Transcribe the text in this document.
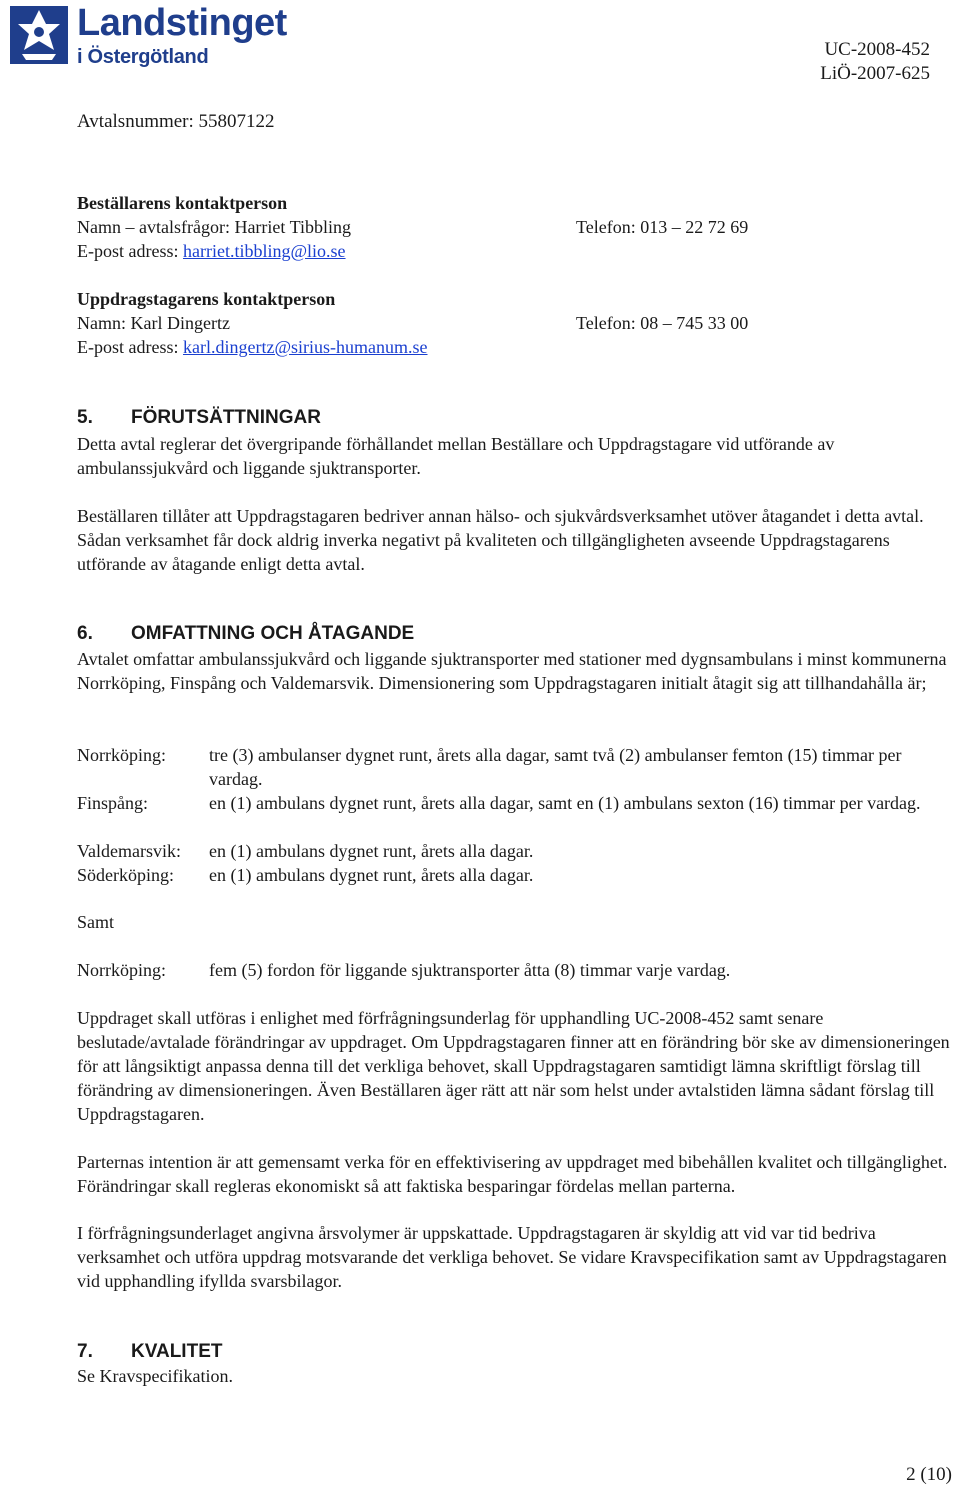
Landstinget
i Östergötland	UC-2008-452
LiÖ-2007-625
Avtalsnummer: 55807122
Beställarens kontaktperson
Namn – avtalsfrågor: Harriet Tibbling	Telefon: 013 – 22 72 69
E-post adress: harriet.tibbling@lio.se
Uppdragstagarens kontaktperson
Namn: Karl Dingertz	Telefon: 08 – 745 33 00
E-post adress: karl.dingertz@sirius-humanum.se
5. FÖRUTSÄTTNINGAR
Detta avtal reglerar det övergripande förhållandet mellan Beställare och Uppdragstagare vid utförande av ambulanssjukvård och liggande sjuktransporter.
Beställaren tillåter att Uppdragstagaren bedriver annan hälso- och sjukvårdsverksamhet utöver åtagandet i detta avtal. Sådan verksamhet får dock aldrig inverka negativt på kvaliteten och tillgängligheten avseende Uppdragstagarens utförande av åtagande enligt detta avtal.
6. OMFATTNING OCH ÅTAGANDE
Avtalet omfattar ambulanssjukvård och liggande sjuktransporter med stationer med dygnsambulans i minst kommunerna Norrköping, Finspång och Valdemarsvik. Dimensionering som Uppdragstagaren initialt åtagit sig att tillhandahålla är;
Norrköping: tre (3) ambulanser dygnet runt, årets alla dagar, samt två (2) ambulanser femton (15) timmar per vardag.
Finspång:	en (1) ambulans dygnet runt, årets alla dagar, samt en (1) ambulans sexton (16) timmar per vardag.
Valdemarsvik: en (1) ambulans dygnet runt, årets alla dagar.
Söderköping: en (1) ambulans dygnet runt, årets alla dagar.
Samt
Norrköping: fem (5) fordon för liggande sjuktransporter åtta (8) timmar varje vardag.
Uppdraget skall utföras i enlighet med förfrågningsunderlag för upphandling UC-2008-452 samt senare beslutade/avtalade förändringar av uppdraget. Om Uppdragstagaren finner att en förändring bör ske av dimensioneringen för att långsiktigt anpassa denna till det verkliga behovet, skall Uppdragstagaren samtidigt lämna skriftligt förslag till förändring av dimensioneringen. Även Beställaren äger rätt att när som helst under avtalstiden lämna sådant förslag till Uppdragstagaren.
Parternas intention är att gemensamt verka för en effektivisering av uppdraget med bibehållen kvalitet och tillgänglighet. Förändringar skall regleras ekonomiskt så att faktiska besparingar fördelas mellan parterna.
I förfrågningsunderlaget angivna årsvolymer är uppskattade. Uppdragstagaren är skyldig att vid var tid bedriva verksamhet och utföra uppdrag motsvarande det verkliga behovet. Se vidare Kravspecifikation samt av Uppdragstagaren vid upphandling ifyllda svarsbilagor.
7. KVALITET
Se Kravspecifikation.
2 (10)
